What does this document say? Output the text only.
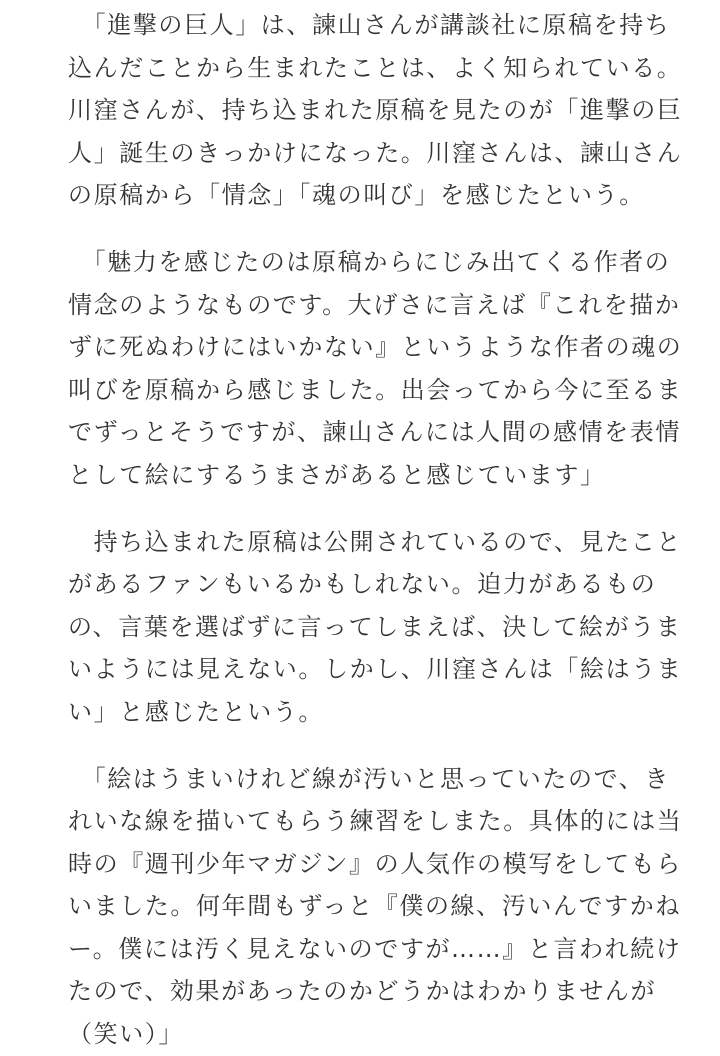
　「進撃の巨人」は、諫山さんが講談社に原稿を持ち
込んだことから生まれたことは、よく知られている。
川窪さんが、持ち込まれた原稿を見たのが「進撃の巨
人」誕生のきっかけになった。川窪さんは、諫山さん
の原稿から「情念」「魂の叫び」を感じたという。
　「魅力を感じたのは原稿からにじみ出てくる作者の
情念のようなものです。大げさに言えば『これを描か
ずに死ぬわけにはいかない』というような作者の魂の
叫びを原稿から感じました。出会ってから今に至るま
でずっとそうですが、諫山さんには人間の感情を表情
として絵にするうまさがあると感じています」
　持ち込まれた原稿は公開されているので、見たこと
があるファンもいるかもしれない。迫力があるもの
の、言葉を選ばずに言ってしまえば、決して絵がうま
いようには見えない。しかし、川窪さんは「絵はうま
い」と感じたという。
　「絵はうまいけれど線が汚いと思っていたので、き
れいな線を描いてもらう練習をしまた。具体的には当
時の『週刊少年マガジン』の人気作の模写をしてもら
いました。何年間もずっと『僕の線、汚いんですかね
ー。僕には汚く見えないのですが……』と言われ続け
たので、効果があったのかどうかはわかりませんが
（笑い）」
